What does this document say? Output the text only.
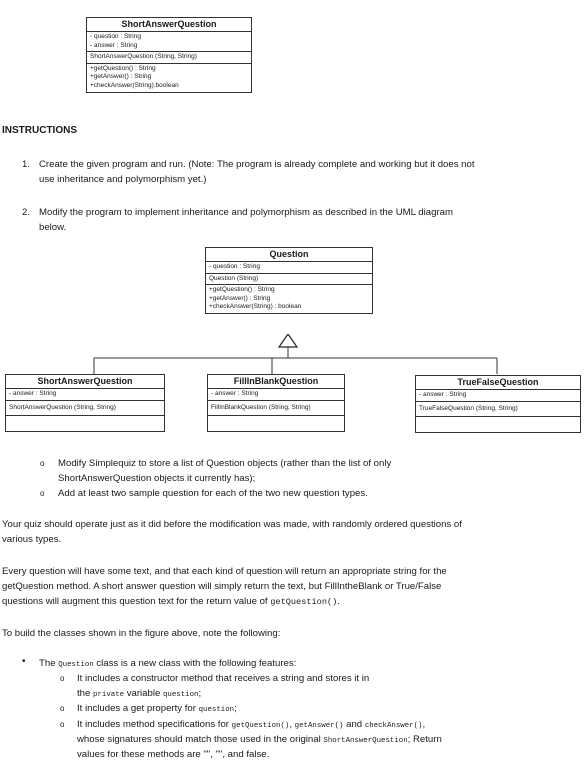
ShortAnswerQuestion
- question : String
- answer : String
ShortAnswerQuestion (String, String)
+getQuestion() : String
+getAnswer() : String
+checkAnswer(String):boolean
INSTRUCTIONS
1. Create the given program and run. (Note: The program is already complete and working but it does not
use inheritance and polymorphism yet.)
2. Modify the program to implement inheritance and polymorphism as described in the UML diagram
below.
Question
- question : String
Question (String)
+getQuestion() : String
+getAnswer() : String
+checkAnswer(String) : boolean
ShortAnswerQuestion
- answer : String
ShortAnswerQuestion (String, String)
FillInBlankQuestion
- answer : String
FillInBlankQuestion (String, String)
TrueFalseQuestion
- answer : String
TrueFalseQuestion (String, String)
o Modify Simplequiz to store a list of Question objects (rather than the list of only
ShortAnswerQuestion objects it currently has);
o Add at least two sample question for each of the two new question types.
Your quiz should operate just as it did before the modification was made, with randomly ordered questions of
various types.
Every question will have some text, and that each kind of question will return an appropriate string for the
getQuestion method. A short answer question will simply return the text, but FillIntheBlank or True/False
questions will augment this question text for the return value of getQuestion().
To build the classes shown in the figure above, note the following:
• The Question class is a new class with the following features:
o It includes a constructor method that receives a string and stores it in
the private variable question;
o It includes a get property for question;
o It includes method specifications for getQuestion(), getAnswer() and checkAnswer(),
whose signatures should match those used in the original ShortAnswerQuestion; Return
values for these methods are "", "", and false.
